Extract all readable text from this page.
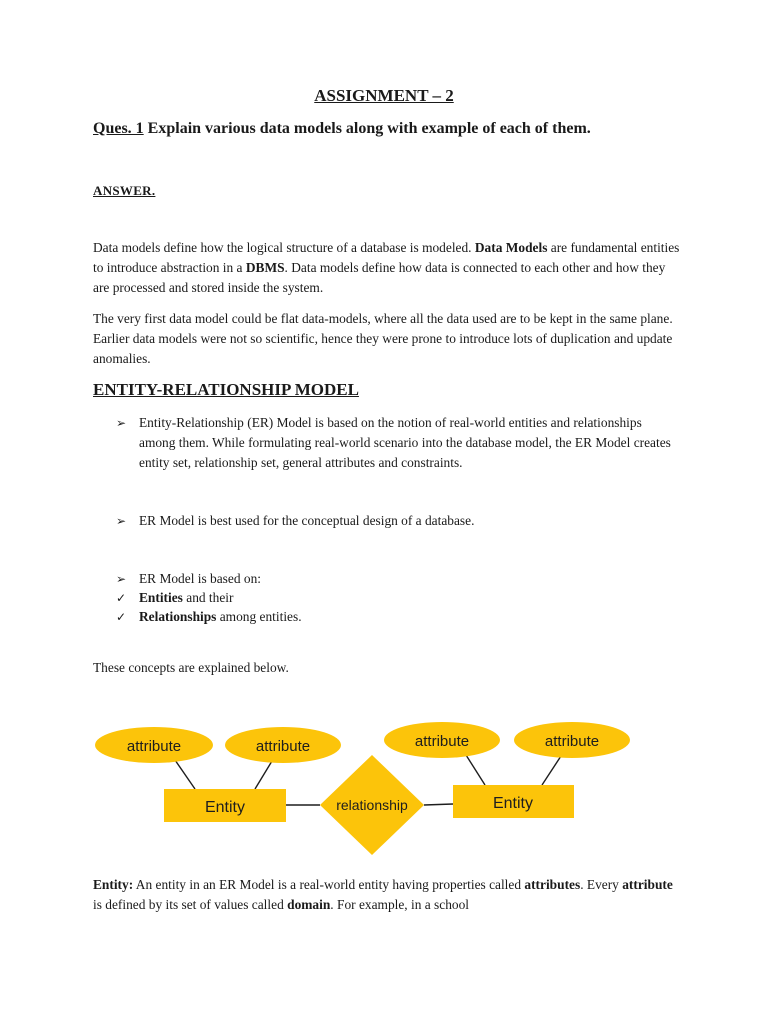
ASSIGNMENT – 2
Ques. 1 Explain various data models along with example of each of them.
ANSWER.
Data models define how the logical structure of a database is modeled. Data Models are fundamental entities to introduce abstraction in a DBMS. Data models define how data is connected to each other and how they are processed and stored inside the system.
The very first data model could be flat data-models, where all the data used are to be kept in the same plane. Earlier data models were not so scientific, hence they were prone to introduce lots of duplication and update anomalies.
ENTITY-RELATIONSHIP MODEL
➢ Entity-Relationship (ER) Model is based on the notion of real-world entities and relationships among them. While formulating real-world scenario into the database model, the ER Model creates entity set, relationship set, general attributes and constraints.
➢ ER Model is best used for the conceptual design of a database.
➢ ER Model is based on:
✓ Entities and their
✓ Relationships among entities.
These concepts are explained below.
attribute	attribute	attribute	attribute
Entity	Entity
relationship
Entity: An entity in an ER Model is a real-world entity having properties called attributes. Every attribute is defined by its set of values called domain. For example, in a school
